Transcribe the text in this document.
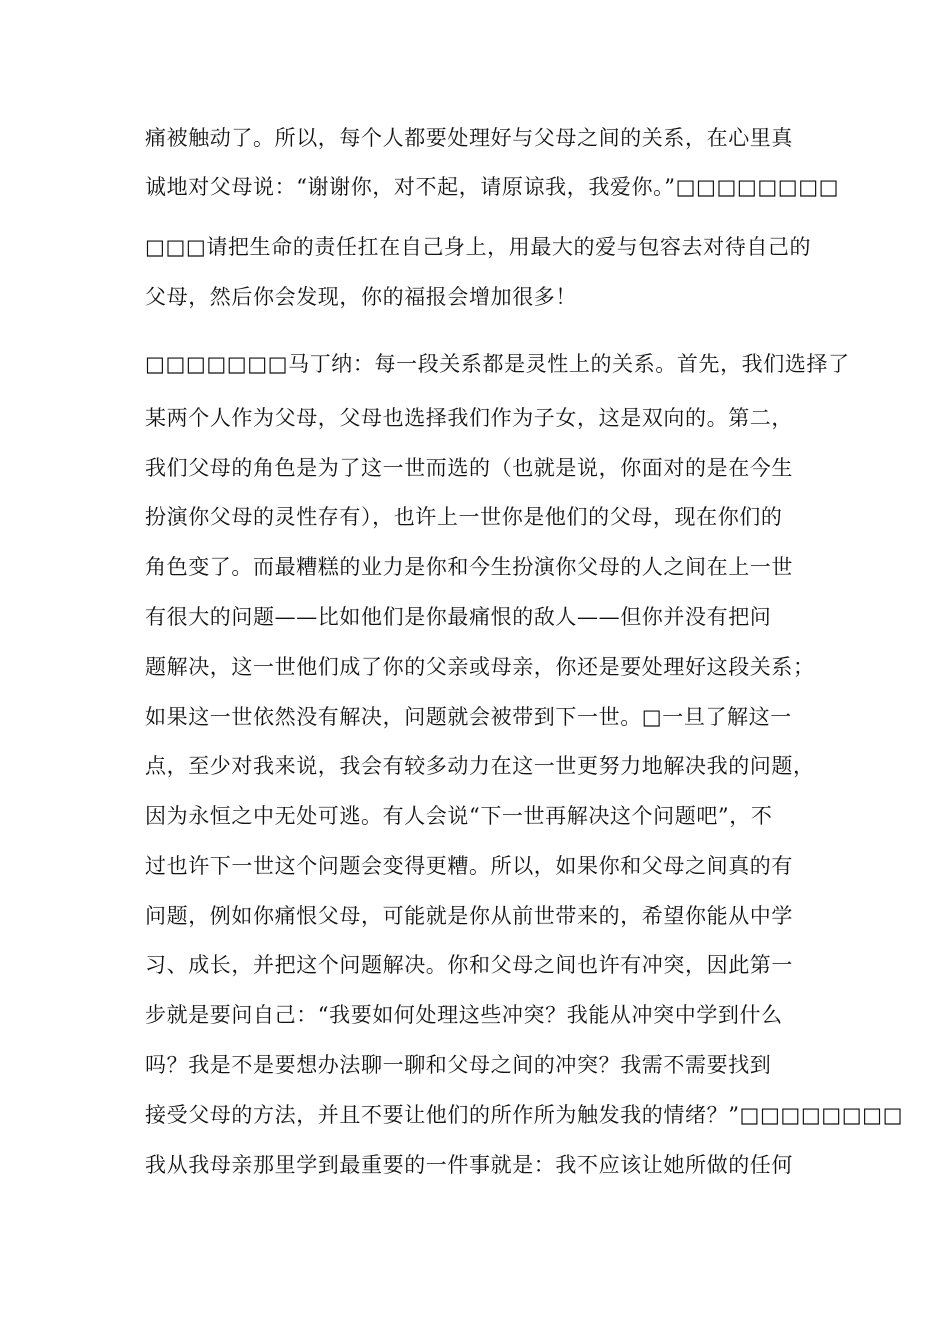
痛被触动了。所以，每个人都要处理好与父母之间的关系，在心里真
诚地对父母说：“谢谢你，对不起，请原谅我，我爱你。”□□□□□□□□
□□□请把生命的责任扛在自己身上，用最大的爱与包容去对待自己的
父母，然后你会发现，你的福报会增加很多！
□□□□□□□马丁纳：每一段关系都是灵性上的关系。首先，我们选择了
某两个人作为父母，父母也选择我们作为子女，这是双向的。第二，
我们父母的角色是为了这一世而选的（也就是说，你面对的是在今生
扮演你父母的灵性存有），也许上一世你是他们的父母，现在你们的
角色变了。而最糟糕的业力是你和今生扮演你父母的人之间在上一世
有很大的问题——比如他们是你最痛恨的敌人——但你并没有把问
题解决，这一世他们成了你的父亲或母亲，你还是要处理好这段关系；
如果这一世依然没有解决，问题就会被带到下一世。□一旦了解这一
点，至少对我来说，我会有较多动力在这一世更努力地解决我的问题，
因为永恒之中无处可逃。有人会说“下一世再解决这个问题吧”，不
过也许下一世这个问题会变得更糟。所以，如果你和父母之间真的有
问题，例如你痛恨父母，可能就是你从前世带来的，希望你能从中学
习、成长，并把这个问题解决。你和父母之间也许有冲突，因此第一
步就是要问自己：“我要如何处理这些冲突？我能从冲突中学到什么
吗？我是不是要想办法聊一聊和父母之间的冲突？我需不需要找到
接受父母的方法，并且不要让他们的所作所为触发我的情绪？”□□□□□□□□
我从我母亲那里学到最重要的一件事就是：我不应该让她所做的任何
